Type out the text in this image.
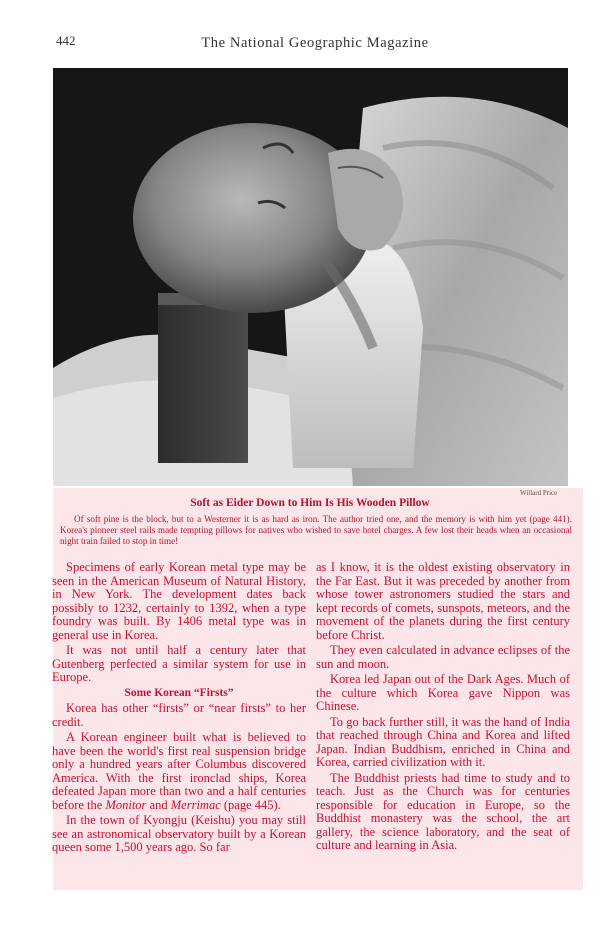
442	The National Geographic Magazine
Willard Price
Soft as Eider Down to Him Is His Wooden Pillow
Of soft pine is the block, but to a Westerner it is as hard as iron. The author tried one, and the memory is with him yet (page 441). Korea's pioneer steel rails made tempting pillows for natives who wished to save hotel charges. A few lost their heads when an occasional night train failed to stop in time!

Specimens of early Korean metal type may be seen in the American Museum of Natural History, in New York. The development dates back possibly to 1232, certainly to 1392, when a type foundry was built. By 1406 metal type was in general use in Korea.

It was not until half a century later that Gutenberg perfected a similar system for use in Europe.

Some Korean “Firsts”

Korea has other “firsts” or “near firsts” to her credit.

A Korean engineer built what is believed to have been the world's first real suspension bridge only a hundred years after Columbus discovered America. With the first ironclad ships, Korea defeated Japan more than two and a half centuries before the Monitor and Merrimac (page 445).

In the town of Kyongju (Keishu) you may still see an astronomical observatory built by a Korean queen some 1,500 years ago. So far

as I know, it is the oldest existing observatory in the Far East. But it was preceded by another from whose tower astronomers studied the stars and kept records of comets, sunspots, meteors, and the movement of the planets during the first century before Christ.

They even calculated in advance eclipses of the sun and moon.

Korea led Japan out of the Dark Ages. Much of the culture which Korea gave Nippon was Chinese.

To go back further still, it was the hand of India that reached through China and Korea and lifted Japan. Indian Buddhism, enriched in China and Korea, carried civilization with it.

The Buddhist priests had time to study and to teach. Just as the Church was for centuries responsible for education in Europe, so the Buddhist monastery was the school, the art gallery, the science laboratory, and the seat of culture and learning in Asia.
